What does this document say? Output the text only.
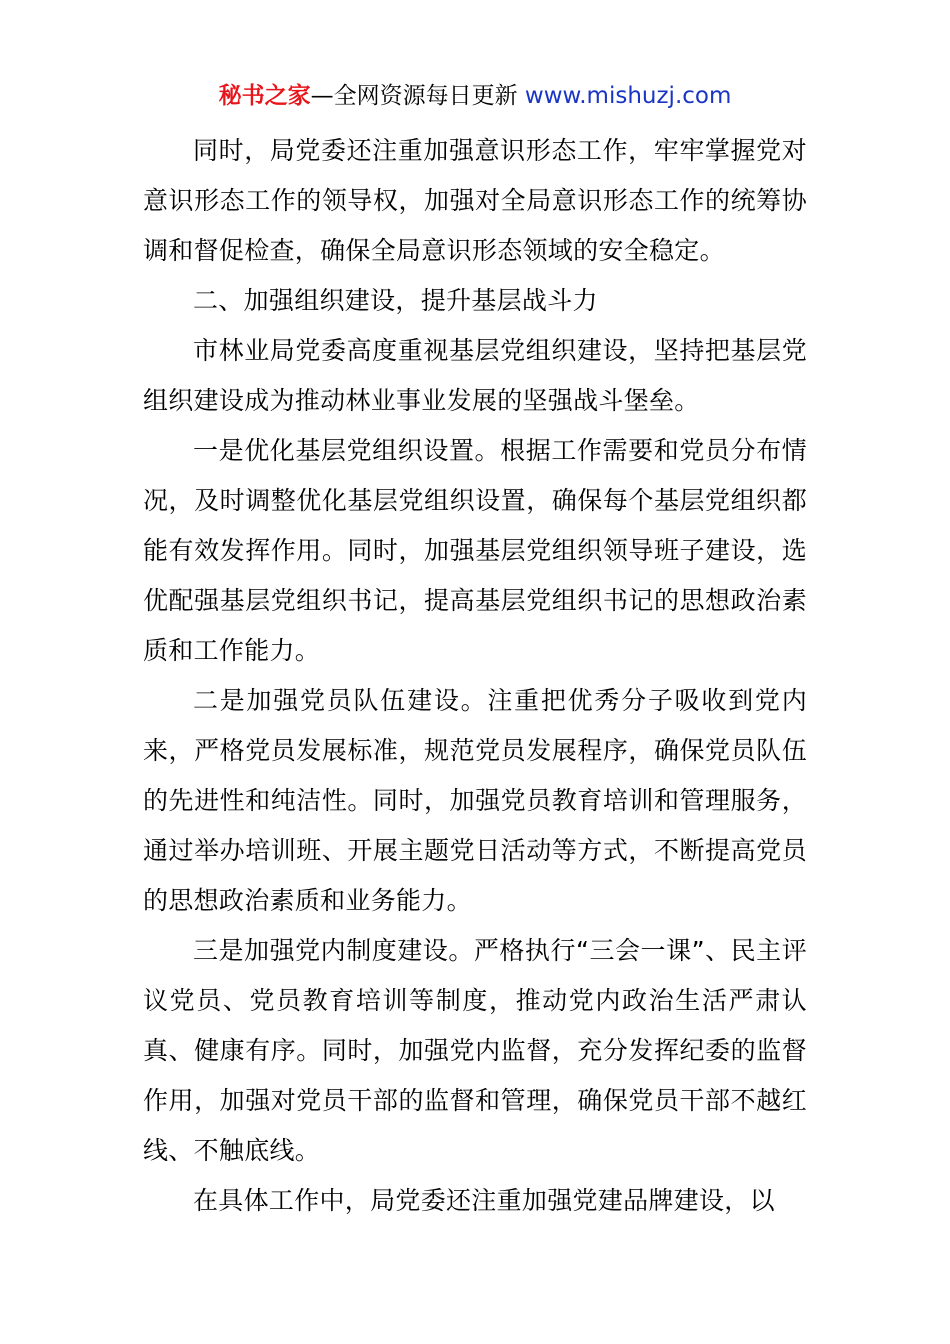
秘书之家—全网资源每日更新 www.mishuzj.com

同时，局党委还注重加强意识形态工作，牢牢掌握党对意识形态工作的领导权，加强对全局意识形态工作的统筹协调和督促检查，确保全局意识形态领域的安全稳定。

二、加强组织建设，提升基层战斗力

市林业局党委高度重视基层党组织建设，坚持把基层党组织建设成为推动林业事业发展的坚强战斗堡垒。

一是优化基层党组织设置。根据工作需要和党员分布情况，及时调整优化基层党组织设置，确保每个基层党组织都能有效发挥作用。同时，加强基层党组织领导班子建设，选优配强基层党组织书记，提高基层党组织书记的思想政治素质和工作能力。

二是加强党员队伍建设。注重把优秀分子吸收到党内来，严格党员发展标准，规范党员发展程序，确保党员队伍的先进性和纯洁性。同时，加强党员教育培训和管理服务，通过举办培训班、开展主题党日活动等方式，不断提高党员的思想政治素质和业务能力。

三是加强党内制度建设。严格执行“三会一课”、民主评议党员、党员教育培训等制度，推动党内政治生活严肃认真、健康有序。同时，加强党内监督，充分发挥纪委的监督作用，加强对党员干部的监督和管理，确保党员干部不越红线、不触底线。

在具体工作中，局党委还注重加强党建品牌建设，以
